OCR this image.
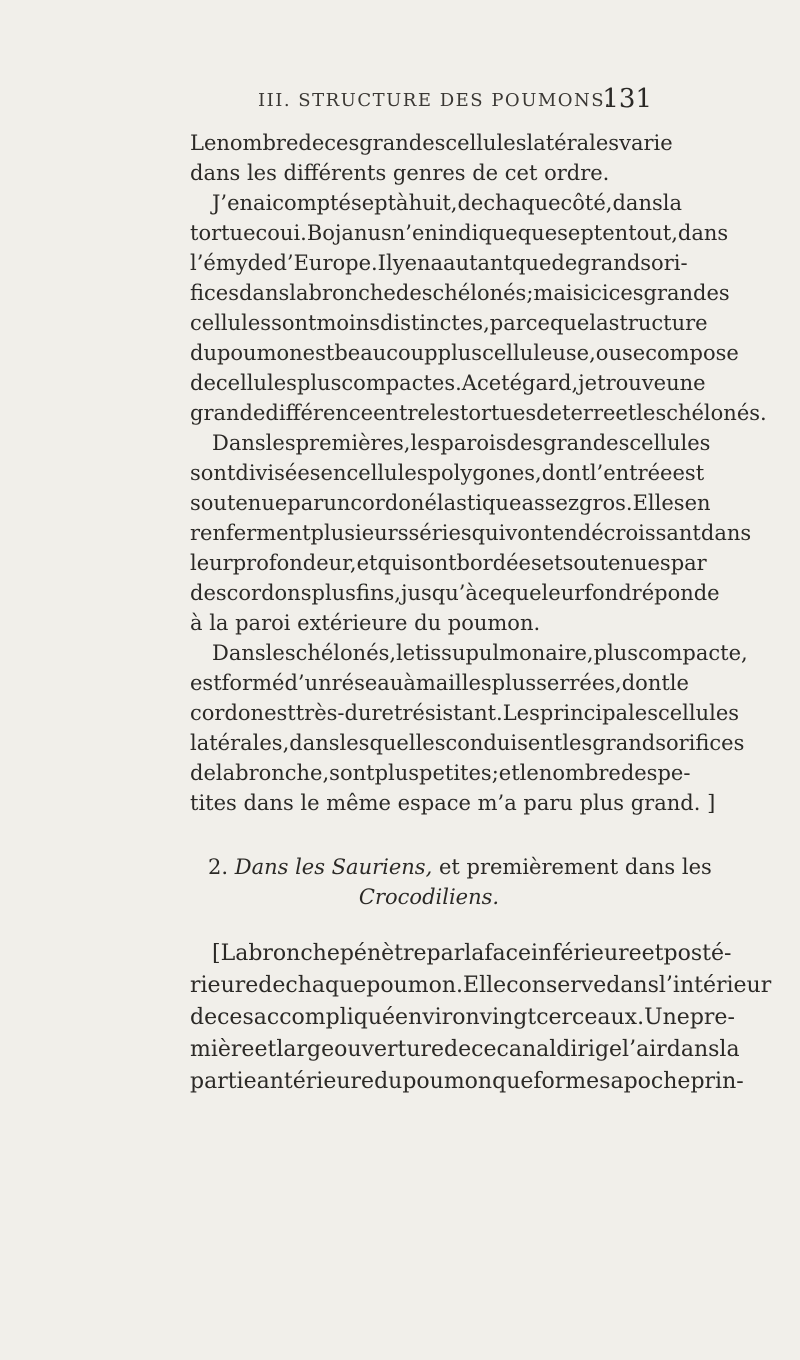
III. STRUCTURE DES POUMONS.
131
Le nombre de ces grandes cellules latérales varie
dans les différents genres de cet ordre.
J’en ai compté sept à huit, de chaque côté, dans la
tortue coui. Bojanus n’en indique que sept en tout, dans
l’émyde d’Europe. Il y en a autant que de grands ori-
fices dans la bronche des chélonés ; mais ici ces grandes
cellules sont moins distinctes, parce que la structure
du poumon est beaucoup plus celluleuse, ou se compose
de cellules plus compactes. A cet égard, je trouve une
grande différence entre les tortues de terre et les chélonés.
Dans les premières, les parois des grandes cellules
sont divisées en cellules polygones, dont l’entrée est
soutenue par un cordon élastique assez gros. Elles en
renferment plusieurs séries qui vont en décroissant dans
leur profondeur, et qui sont bordées et soutenues par
des cordons plus fins, jusqu’à ce que leur fond réponde
à la paroi extérieure du poumon.
Dans les chélonés, le tissu pulmonaire, plus compacte,
est formé d’un réseau à mailles plus serrées, dont le
cordon est très-dur et résistant. Les principales cellules
latérales, dans lesquelles conduisent les grands orifices
de la bronche, sont plus petites ; et le nombre des pe-
tites dans le même espace m’a paru plus grand. ]
2. Dans les Sauriens, et premièrement dans les
Crocodiliens.
[La bronche pénètre par la face inférieure et posté-
rieure de chaque poumon. Elle conserve dans l’intérieur
de ce sac compliqué environ vingt cerceaux. Une pre-
mière et large ouverture de ce canal dirige l’air dans la
partie antérieure du poumon que forme sa poche prin-
